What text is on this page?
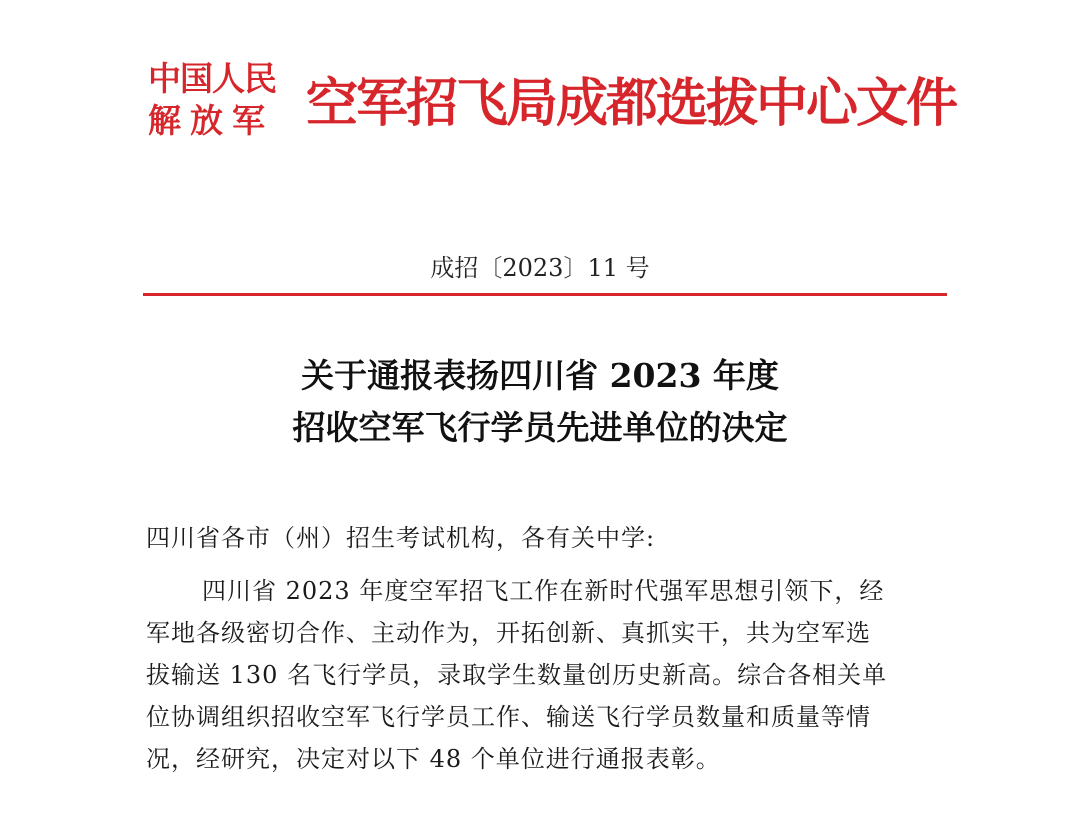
中国人民
解放军 空军招飞局成都选拔中心文件
成招〔2023〕11 号
关于通报表扬四川省 2023 年度
招收空军飞行学员先进单位的决定
四川省各市（州）招生考试机构，各有关中学:
四川省 2023 年度空军招飞工作在新时代强军思想引领下，经
军地各级密切合作、主动作为，开拓创新、真抓实干，共为空军选
拔输送 130 名飞行学员，录取学生数量创历史新高。综合各相关单
位协调组织招收空军飞行学员工作、输送飞行学员数量和质量等情
况，经研究，决定对以下 48 个单位进行通报表彰。
